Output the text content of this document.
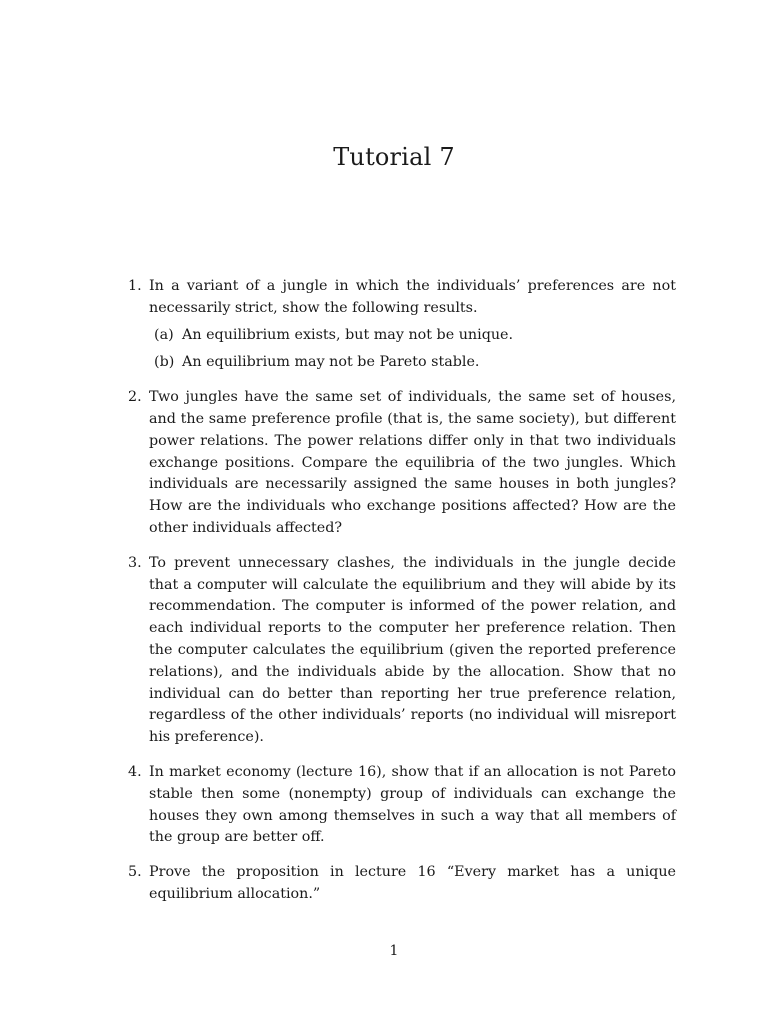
Tutorial 7
1. In a variant of a jungle in which the individuals’ preferences are not necessarily strict, show the following results.
(a) An equilibrium exists, but may not be unique.
(b) An equilibrium may not be Pareto stable.
2. Two jungles have the same set of individuals, the same set of houses, and the same preference profile (that is, the same society), but different power relations. The power relations differ only in that two individuals exchange positions. Compare the equilibria of the two jungles. Which individuals are necessarily assigned the same houses in both jungles? How are the individuals who exchange positions affected? How are the other individuals affected?
3. To prevent unnecessary clashes, the individuals in the jungle decide that a computer will calculate the equilibrium and they will abide by its recommendation. The computer is informed of the power relation, and each individual reports to the computer her preference relation. Then the computer calculates the equilibrium (given the reported preference relations), and the individuals abide by the allocation. Show that no individual can do better than reporting her true preference relation, regardless of the other individuals’ reports (no individual will misreport his preference).
4. In market economy (lecture 16), show that if an allocation is not Pareto stable then some (nonempty) group of individuals can exchange the houses they own among themselves in such a way that all members of the group are better off.
5. Prove the proposition in lecture 16 “Every market has a unique equilibrium allocation.”
1
